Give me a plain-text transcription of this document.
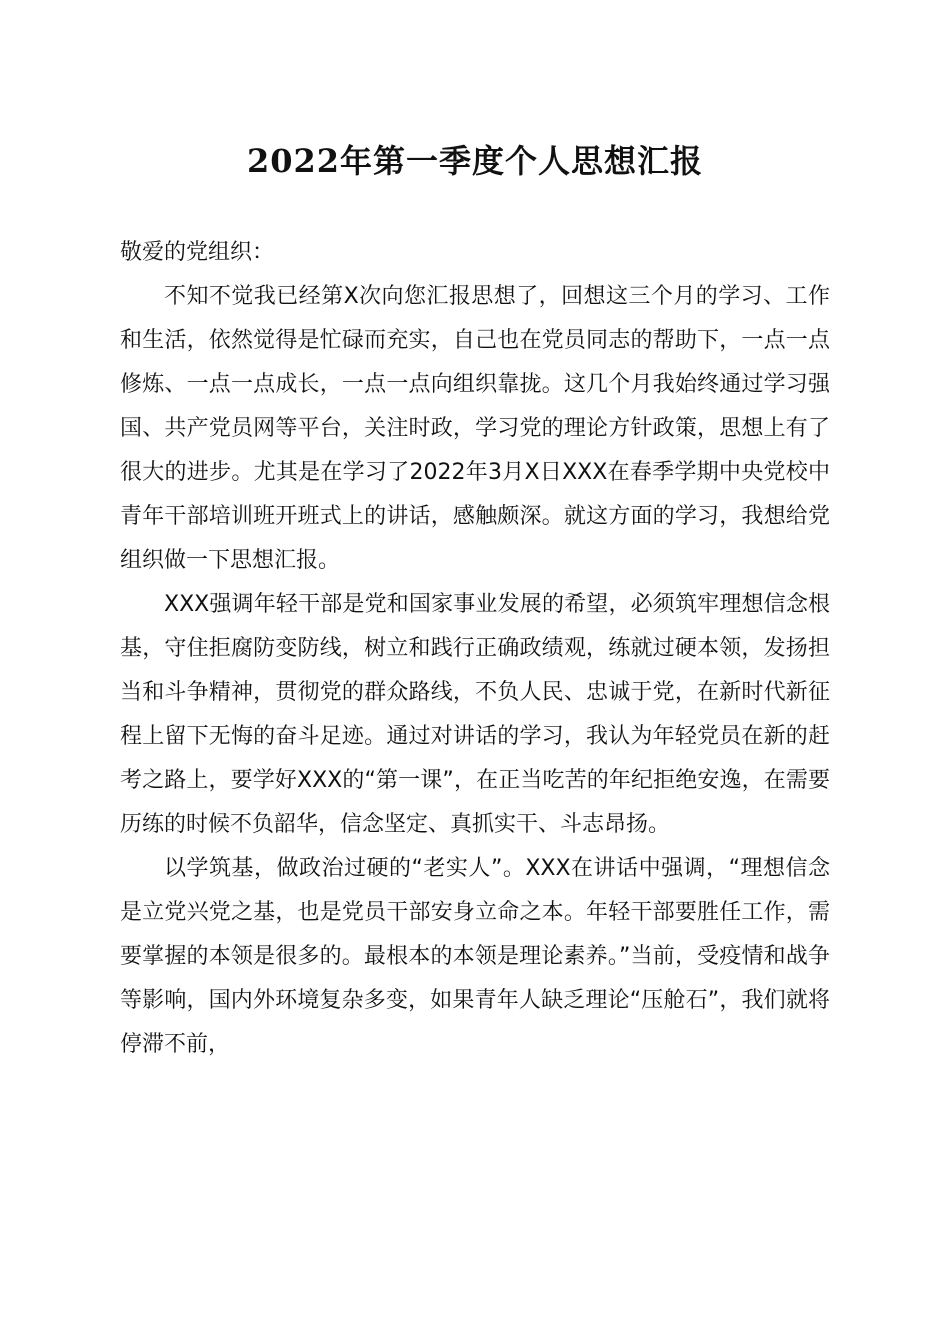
2022年第一季度个人思想汇报

敬爱的党组织：

不知不觉我已经第X次向您汇报思想了，回想这三个月的学习、工作和生活，依然觉得是忙碌而充实，自己也在党员同志的帮助下，一点一点修炼、一点一点成长，一点一点向组织靠拢。这几个月我始终通过学习强国、共产党员网等平台，关注时政，学习党的理论方针政策，思想上有了很大的进步。尤其是在学习了2022年3月X日XXX在春季学期中央党校中青年干部培训班开班式上的讲话，感触颇深。就这方面的学习，我想给党组织做一下思想汇报。

XXX强调年轻干部是党和国家事业发展的希望，必须筑牢理想信念根基，守住拒腐防变防线，树立和践行正确政绩观，练就过硬本领，发扬担当和斗争精神，贯彻党的群众路线，不负人民、忠诚于党，在新时代新征程上留下无悔的奋斗足迹。通过对讲话的学习，我认为年轻党员在新的赶考之路上，要学好XXX的“第一课”，在正当吃苦的年纪拒绝安逸，在需要历练的时候不负韶华，信念坚定、真抓实干、斗志昂扬。

以学筑基，做政治过硬的“老实人”。XXX在讲话中强调，“理想信念是立党兴党之基，也是党员干部安身立命之本。年轻干部要胜任工作，需要掌握的本领是很多的。最根本的本领是理论素养。”当前，受疫情和战争等影响，国内外环境复杂多变，如果青年人缺乏理论“压舱石”，我们就将停滞不前，
